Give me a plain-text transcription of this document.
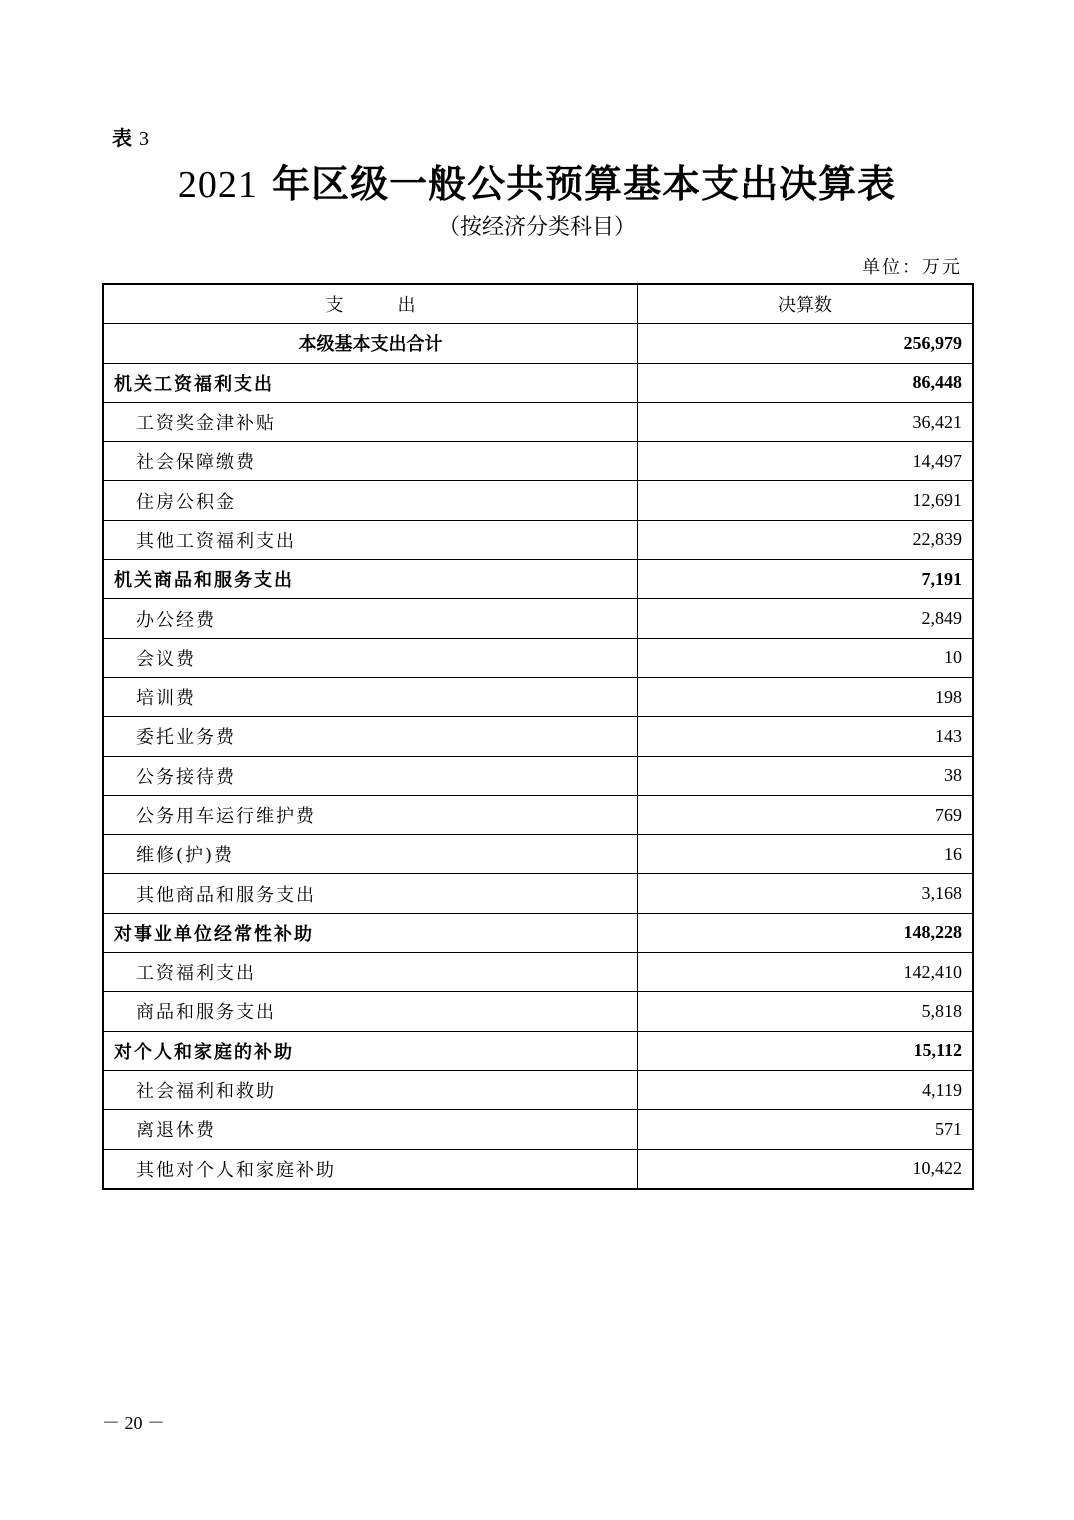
表 3
2021 年区级一般公共预算基本支出决算表
（按经济分类科目）
单位：万元
支　　　出	决算数
本级基本支出合计	256,979
机关工资福利支出	86,448
工资奖金津补贴	36,421
社会保障缴费	14,497
住房公积金	12,691
其他工资福利支出	22,839
机关商品和服务支出	7,191
办公经费	2,849
会议费	10
培训费	198
委托业务费	143
公务接待费	38
公务用车运行维护费	769
维修(护)费	16
其他商品和服务支出	3,168
对事业单位经常性补助	148,228
工资福利支出	142,410
商品和服务支出	5,818
对个人和家庭的补助	15,112
社会福利和救助	4,119
离退休费	571
其他对个人和家庭补助	10,422
－ 20 －
